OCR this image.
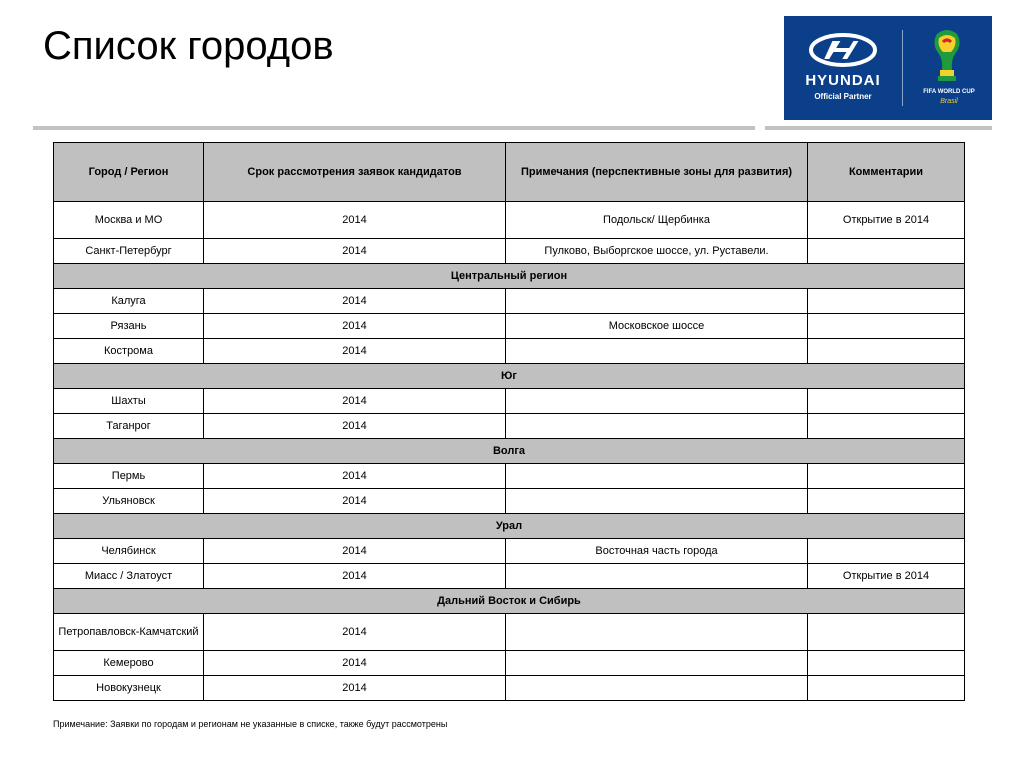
Список городов
HYUNDAI
Official Partner	FIFA WORLD CUP
Brasil
Город / Регион	Срок рассмотрения заявок кандидатов	Примечания (перспективные зоны для развития)	Комментарии
Москва и МО	2014	Подольск/ Щербинка	Открытие в 2014
Санкт-Петербург	2014	Пулково, Выборгское шоссе, ул. Руставели.	
Центральный регион			
Калуга	2014		
Рязань	2014	Московское шоссе	
Кострома	2014		
Юг			
Шахты	2014		
Таганрог	2014		
Волга			
Пермь	2014		
Ульяновск	2014		
Урал			
Челябинск	2014	Восточная часть города	
Миасс / Златоуст	2014		Открытие в 2014
Дальний Восток и Сибирь			
Петропавловск-Камчатский	2014		
Кемерово	2014		
Новокузнецк	2014		
Примечание: Заявки по городам и регионам не указанные в списке, также будут рассмотрены
